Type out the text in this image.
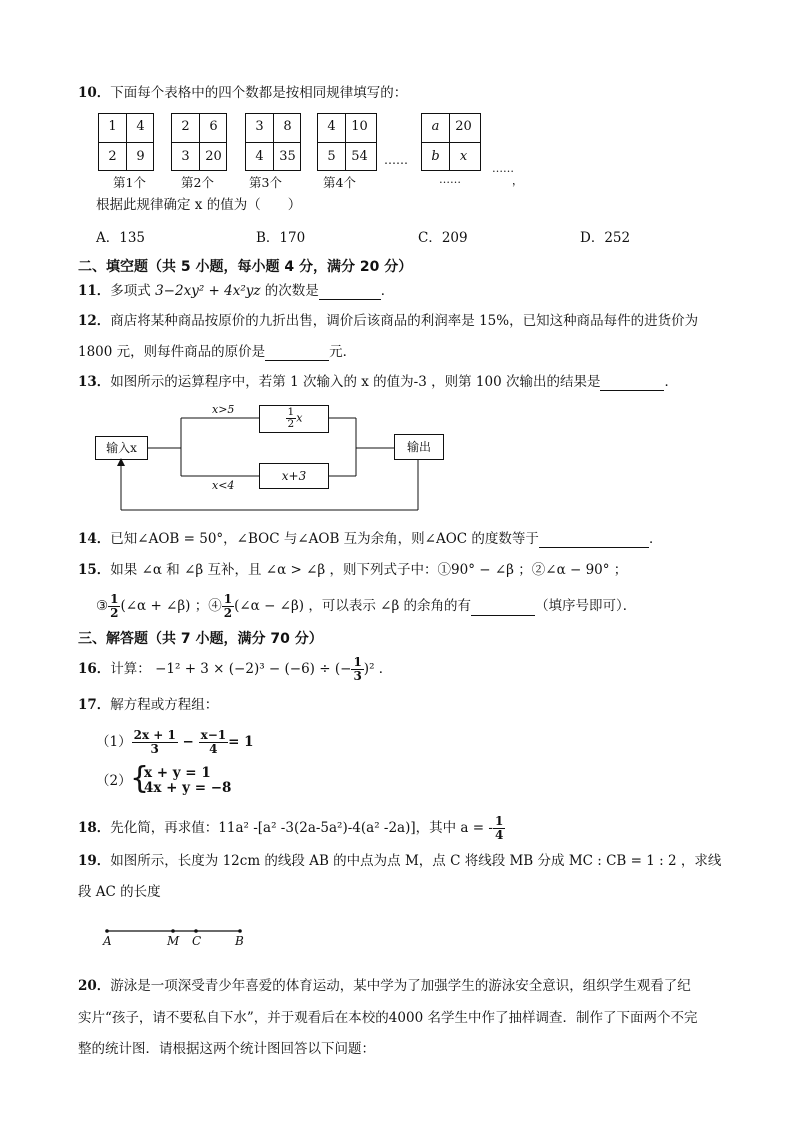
10．下面每个表格中的四个数都是按相同规律填写的：
1	4
2	9
第1个
2	6
3	20
第2个
3	8
4	35
第3个
4	10
5	54
第4个
……
a	20
b	x
……
……
，
根据此规律确定 x 的值为（　　）
A．135	B．170	C．209	D．252
二、填空题（共 5 小题，每小题 4 分，满分 20 分）
11．多项式 3−2xy² + 4x²yz 的次数是	．
12．商店将某种商品按原价的九折出售，调价后该商品的利润率是 15%，已知这种商品每件的进货价为
1800 元，则每件商品的原价是	元．
13．如图所示的运算程序中，若第 1 次输入的 x 的值为-3 ，则第 100 次输出的结果是	．
输入x
x>5	$\frac{1}{2}$ x
x+3
x<4
输出
14．已知∠AOB = 50°，∠BOC 与∠AOB 互为余角，则∠AOC 的度数等于	．
15．如果 ∠α 和 ∠β 互补，且 ∠α > ∠β ，则下列式子中：①90° − ∠β ；②∠α − 90° ；
③ $\frac{1}{2}$ (∠α + ∠β) ；④ $\frac{1}{2}$ (∠α − ∠β) ，可以表示 ∠β 的余角的有	（填序号即可）．
三、解答题（共 7 小题，满分 70 分）
16．计算： −1² + 3 × (−2)³ − (−6) ÷ (− $\frac{1}{3} )^2$ ．
17．解方程或方程组：
$(1) \frac{2x + 1}{3} - \frac{x-1}{4} = 1$
（2）
{
x + y = 1
4x + y = −8
18．先化简，再求值：11a² -[a² -3(2a-5a²)-4(a² -2a)]，其中 a = - $\frac{1}{4}$
19．如图所示，长度为 12cm 的线段 AB 的中点为点 M，点 C 将线段 MB 分成 MC : CB = 1 : 2 ，求线
段 AC 的长度
A	M C	B
20．游泳是一项深受青少年喜爱的体育运动，某中学为了加强学生的游泳安全意识，组织学生观看了纪
实片“孩子，请不要私自下水”，并于观看后在本校的4000 名学生中作了抽样调查．制作了下面两个不完
整的统计图．请根据这两个统计图回答以下问题：
